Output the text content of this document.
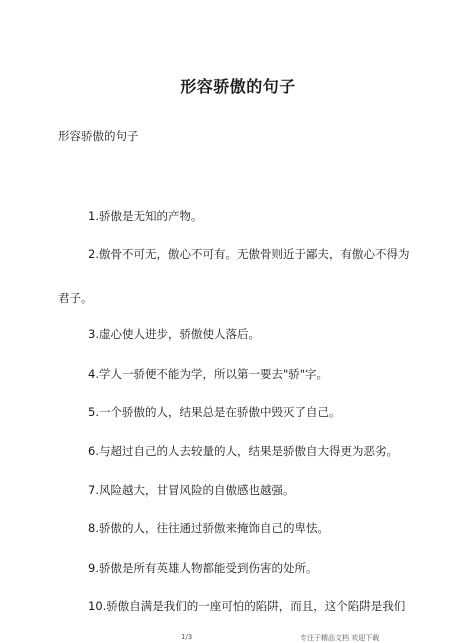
形容骄傲的句子
形容骄傲的句子
1.骄傲是无知的产物。
2.傲骨不可无，傲心不可有。无傲骨则近于鄙夫，有傲心不得为
君子。
3.虚心使人进步，骄傲使人落后。
4.学人一骄便不能为学，所以第一要去"骄"字。
5.一个骄傲的人，结果总是在骄傲中毁灭了自己。
6.与超过自己的人去较量的人，结果是骄傲自大得更为恶劣。
7.风险越大，甘冒风险的自傲感也越强。
8.骄傲的人，往往通过骄傲来掩饰自己的卑怯。
9.骄傲是所有英雄人物都能受到伤害的处所。
10.骄傲自满是我们的一座可怕的陷阱，而且，这个陷阱是我们
1/3	专注于精品文档 欢迎下载
